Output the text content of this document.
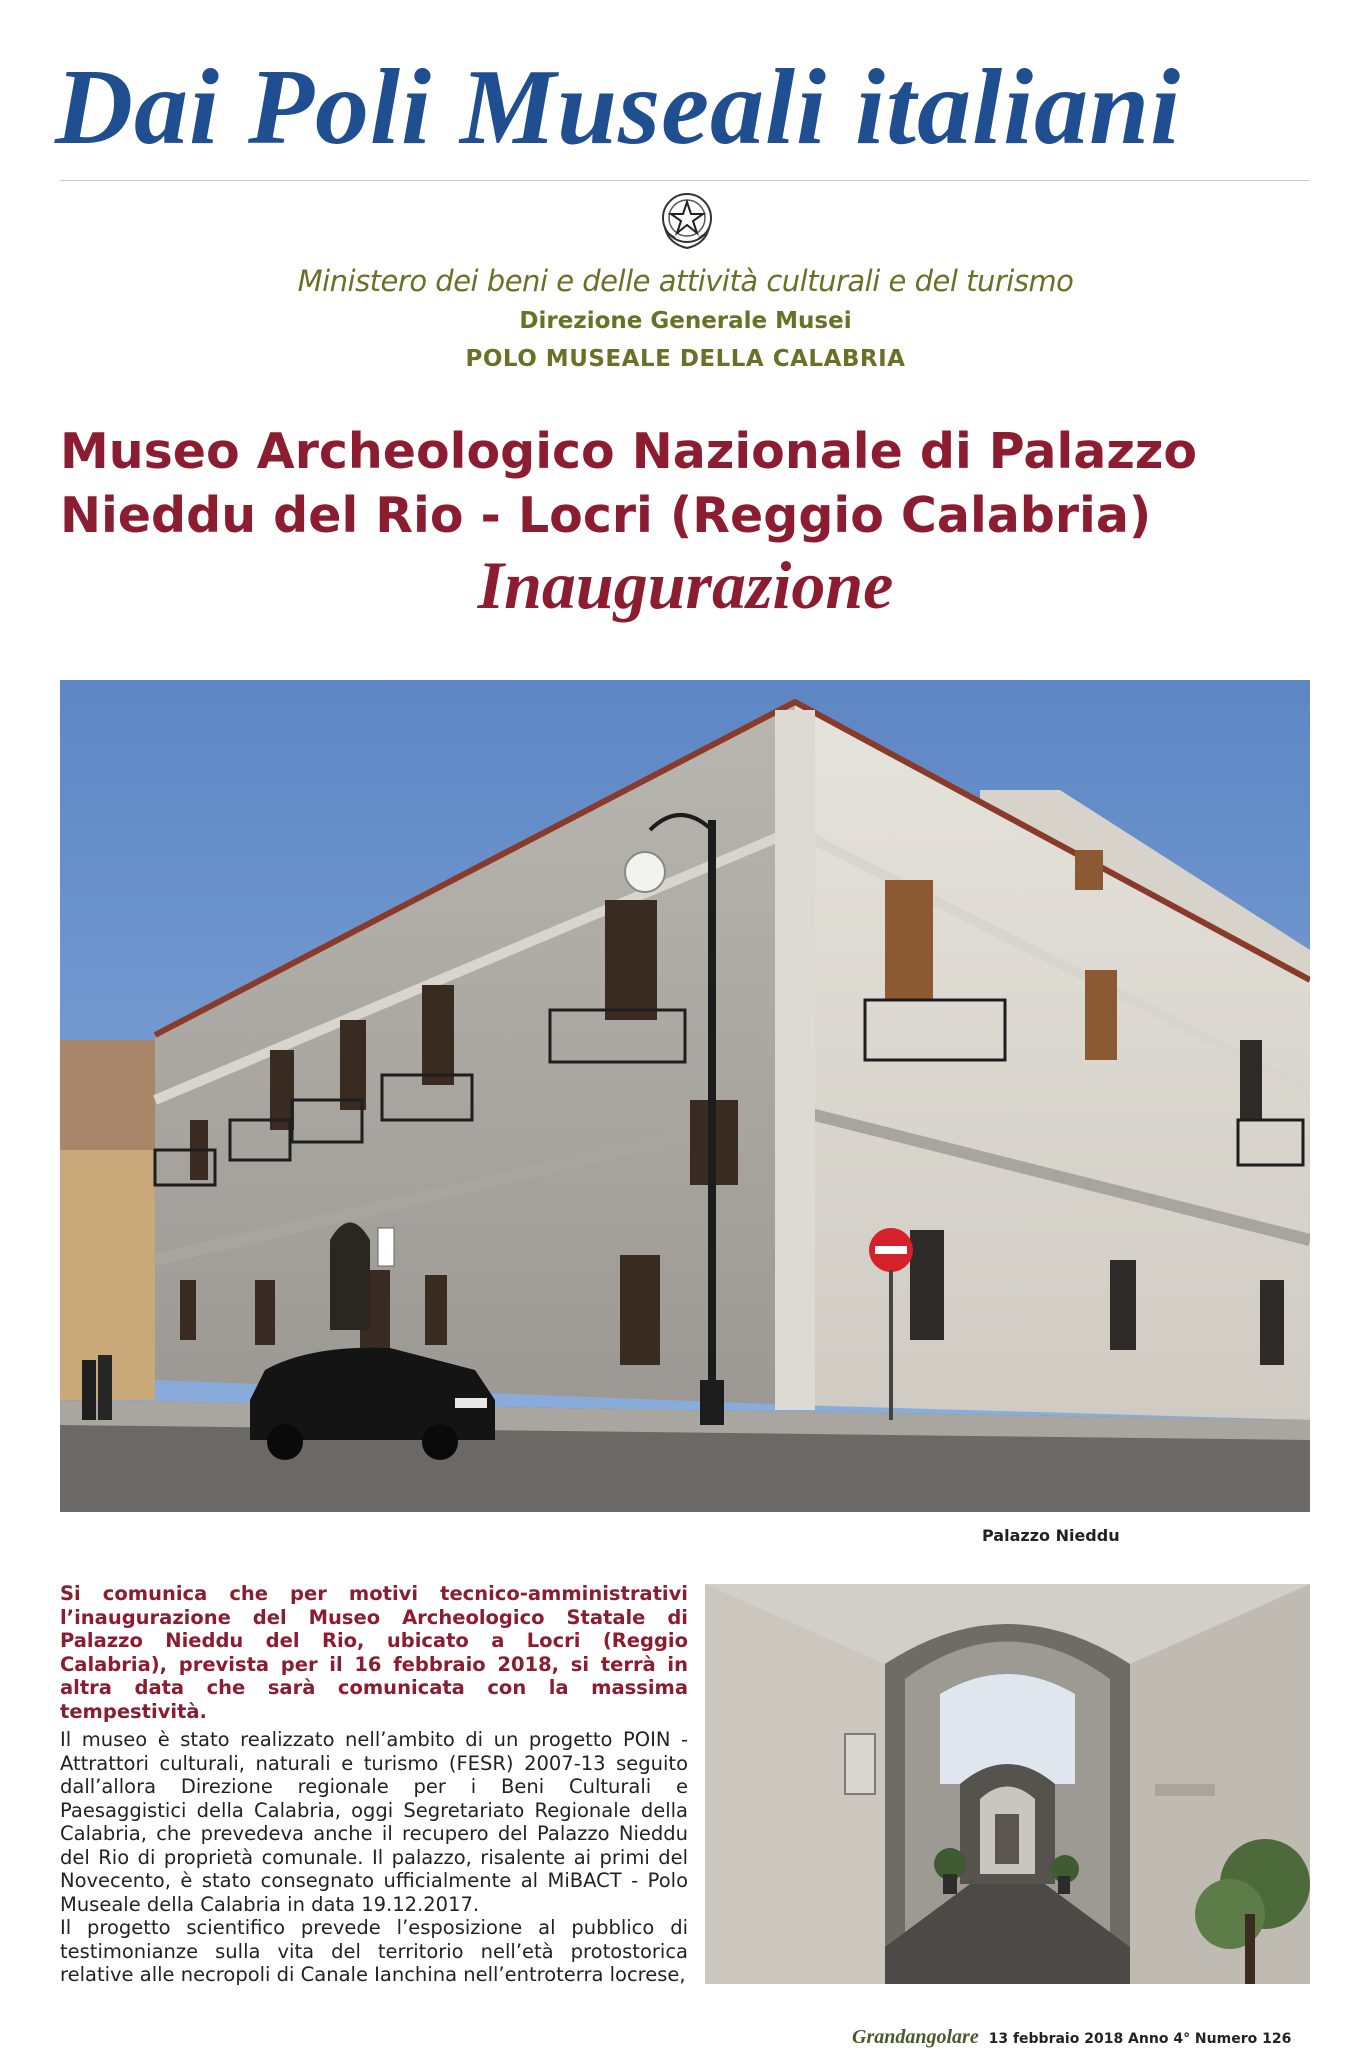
Dai Poli Museali italiani
Ministero dei beni e delle attività culturali e del turismo
Direzione Generale Musei
POLO MUSEALE DELLA CALABRIA
Museo Archeologico Nazionale di Palazzo
Nieddu del Rio - Locri (Reggio Calabria)
Inaugurazione
Palazzo Nieddu
Si comunica che per motivi tecnico-amministrativi l’inaugurazione del Museo Archeologico Statale di Palazzo Nieddu del Rio, ubicato a Locri (Reggio Calabria), prevista per il 16 febbraio 2018, si terrà in altra data che sarà comunicata con la massima tempestività.

Il museo è stato realizzato nell’ambito di un progetto POIN - Attrattori culturali, naturali e turismo (FESR) 2007-13 seguito dall’allora Direzione regionale per i Beni Culturali e Paesaggistici della Calabria, oggi Segretariato Regionale della Calabria, che prevedeva anche il recupero del Palazzo Nieddu del Rio di proprietà comunale. Il palazzo, risalente ai primi del Novecento, è stato consegnato ufficialmente al MiBACT - Polo Museale della Calabria in data 19.12.2017.

Il progetto scientifico prevede l’esposizione al pubblico di testimonianze sulla vita del territorio nell’età protostorica relative alle necropoli di Canale Ianchina nell’entroterra locrese,

Grandangolare 13 febbraio 2018 Anno 4° Numero 126
